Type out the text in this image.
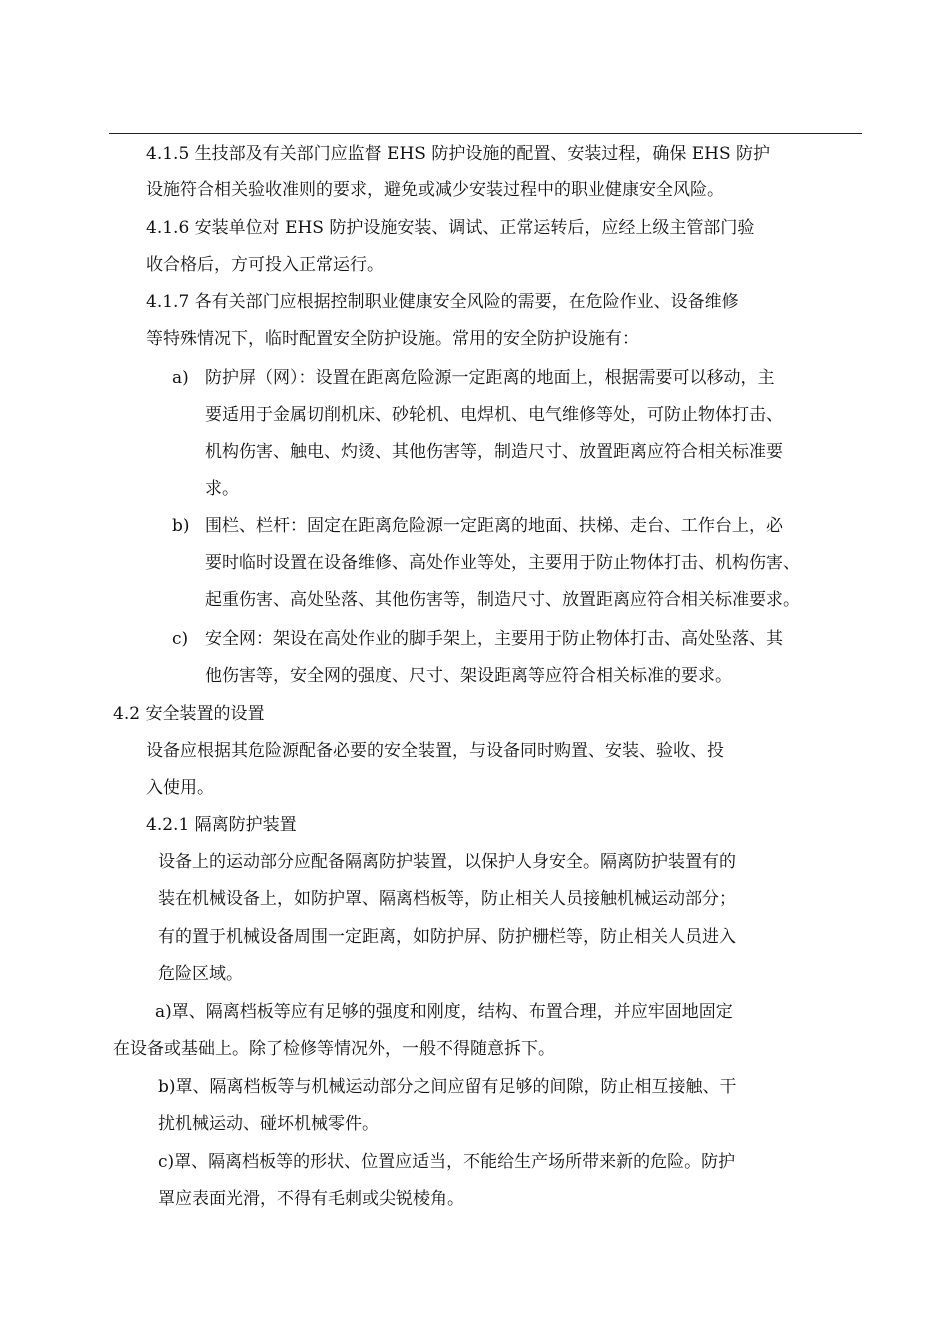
4.1.5 生技部及有关部门应监督 EHS 防护设施的配置、安装过程，确保 EHS 防护
设施符合相关验收准则的要求，避免或减少安装过程中的职业健康安全风险。
4.1.6 安装单位对 EHS 防护设施安装、调试、正常运转后，应经上级主管部门验
收合格后，方可投入正常运行。
4.1.7 各有关部门应根据控制职业健康安全风险的需要，在危险作业、设备维修
等特殊情况下，临时配置安全防护设施。常用的安全防护设施有：
a) 防护屏（网）：设置在距离危险源一定距离的地面上，根据需要可以移动，主
要适用于金属切削机床、砂轮机、电焊机、电气维修等处，可防止物体打击、
机构伤害、触电、灼烫、其他伤害等，制造尺寸、放置距离应符合相关标准要
求。
b) 围栏、栏杆：固定在距离危险源一定距离的地面、扶梯、走台、工作台上，必
要时临时设置在设备维修、高处作业等处，主要用于防止物体打击、机构伤害、
起重伤害、高处坠落、其他伤害等，制造尺寸、放置距离应符合相关标准要求。
c) 安全网：架设在高处作业的脚手架上，主要用于防止物体打击、高处坠落、其
他伤害等，安全网的强度、尺寸、架设距离等应符合相关标准的要求。
4.2 安全装置的设置
设备应根据其危险源配备必要的安全装置，与设备同时购置、安装、验收、投
入使用。
4.2.1 隔离防护装置
设备上的运动部分应配备隔离防护装置，以保护人身安全。隔离防护装置有的
装在机械设备上，如防护罩、隔离档板等，防止相关人员接触机械运动部分；
有的置于机械设备周围一定距离，如防护屏、防护栅栏等，防止相关人员进入
危险区域。
a)罩、隔离档板等应有足够的强度和刚度，结构、布置合理，并应牢固地固定
在设备或基础上。除了检修等情况外，一般不得随意拆下。
b)罩、隔离档板等与机械运动部分之间应留有足够的间隙，防止相互接触、干
扰机械运动、碰坏机械零件。
c)罩、隔离档板等的形状、位置应适当，不能给生产场所带来新的危险。防护
罩应表面光滑，不得有毛刺或尖锐棱角。
